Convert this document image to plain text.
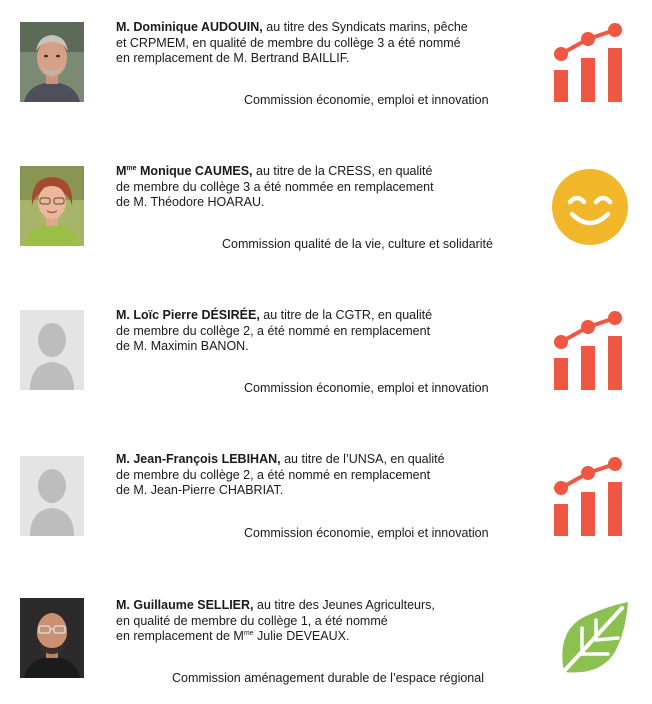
M. Dominique AUDOUIN, au titre des Syndicats marins, pêche
et CRPMEM, en qualité de membre du collège 3 a été nommé
en remplacement de M. Bertrand BAILLIF.
Commission économie, emploi et innovation
$M^{me}$ Monique CAUMES, au titre de la CRESS, en qualité
de membre du collège 3 a été nommée en remplacement
de M. Théodore HOARAU.
Commission qualité de la vie, culture et solidarité
M. Loïc Pierre DÉSIRÉE, au titre de la CGTR, en qualité
de membre du collège 2, a été nommé en remplacement
de M. Maximin BANON.
Commission économie, emploi et innovation
M. Jean-François LEBIHAN, au titre de l’UNSA, en qualité
de membre du collège 2, a été nommé en remplacement
de M. Jean-Pierre CHABRIAT.
Commission économie, emploi et innovation
M. Guillaume SELLIER, au titre des Jeunes Agriculteurs,
en qualité de membre du collège 1, a été nommé
en remplacement de $M^{me}$ Julie DEVEAUX.
Commission aménagement durable de l’espace régional
